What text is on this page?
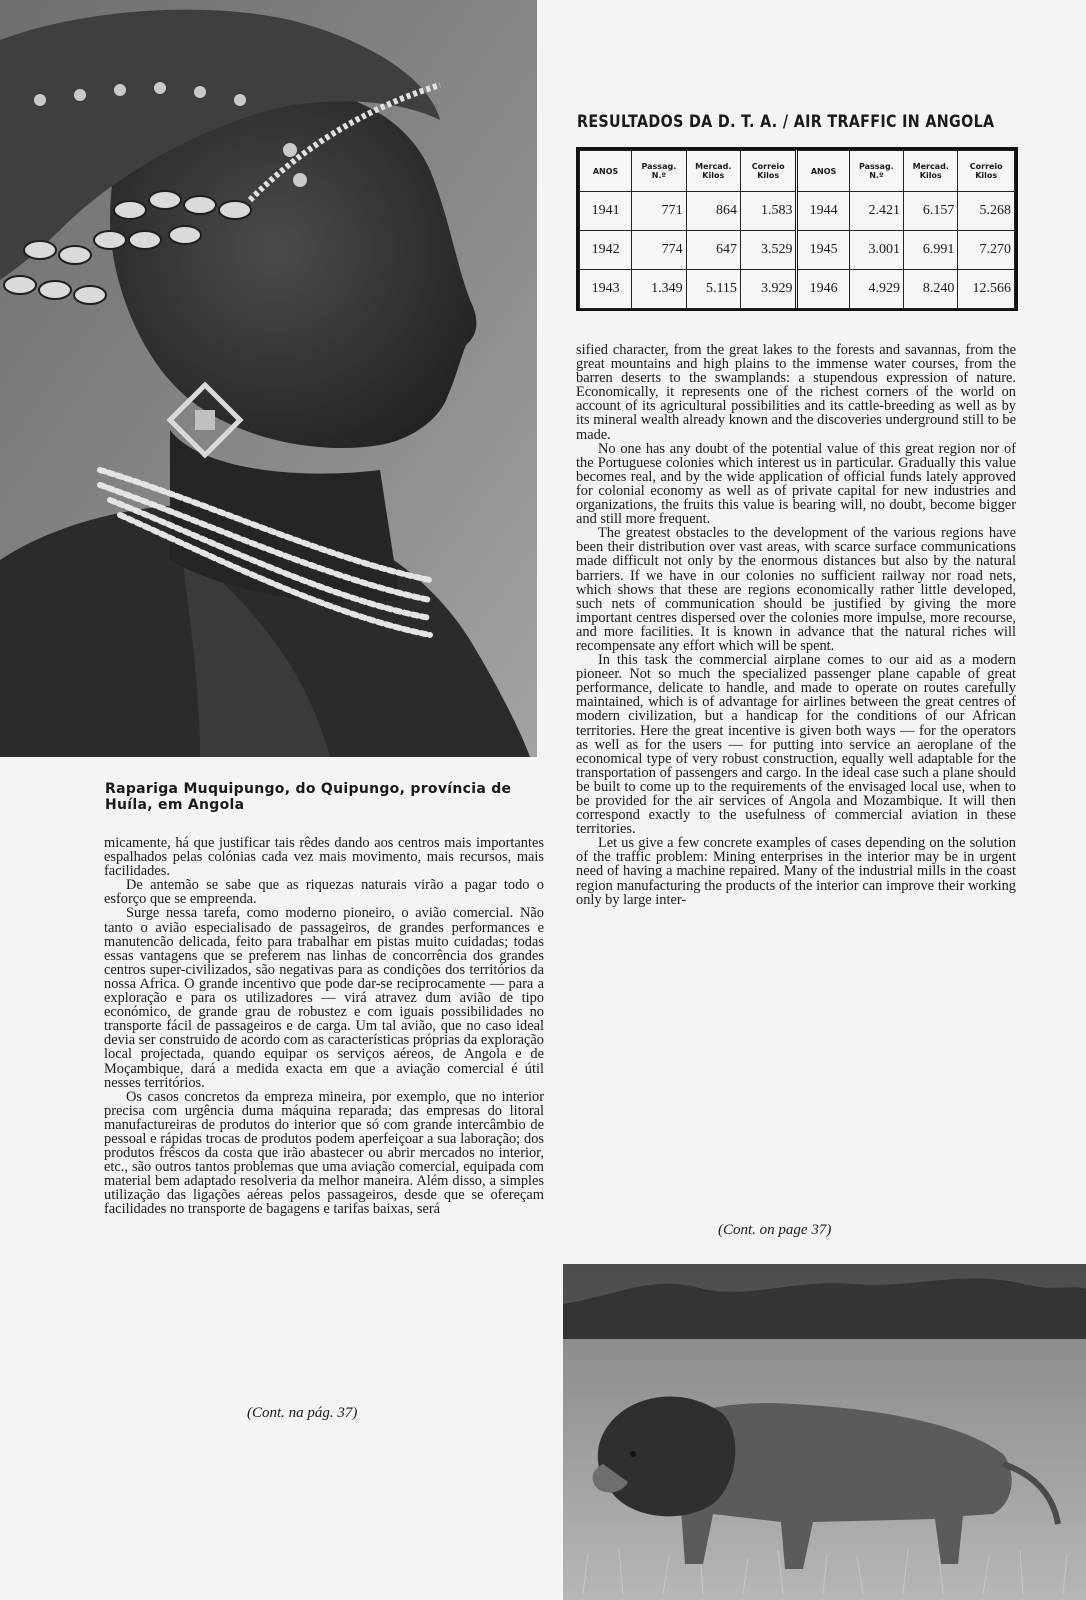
Rapariga Muquipungo, do Quipungo, província de Huíla, em Angola

micamente, há que justificar tais rêdes dando aos centros mais importantes espalhados pelas colónias cada vez mais movimento, mais recursos, mais facilidades.

De antemão se sabe que as riquezas naturais virão a pagar todo o esforço que se empreenda.

Surge nessa tarefa, como moderno pioneiro, o avião comercial. Não tanto o avião especialisado de passageiros, de grandes performances e manutencão delicada, feito para trabalhar em pistas muito cuidadas; todas essas vantagens que se preferem nas linhas de concorrência dos grandes centros super-civilizados, são negativas para as condições dos territórios da nossa Africa. O grande incentivo que pode dar-se reciprocamente — para a exploração e para os utilizadores — virá atravez dum avião de tipo económico, de grande grau de robustez e com iguais possibilidades no transporte fácil de passageiros e de carga. Um tal avião, que no caso ideal devia ser construido de acordo com as características próprias da exploração local projectada, quando equipar os serviços aéreos, de Angola e de Moçambique, dará a medida exacta em que a aviação comercial é útil nesses territórios.

Os casos concretos da empreza mineira, por exemplo, que no interior precisa com urgência duma máquina reparada; das empresas do litoral manufactureiras de produtos do interior que só com grande intercâmbio de pessoal e rápidas trocas de produtos podem aperfeiçoar a sua laboração; dos produtos frêscos da costa que irão abastecer ou abrir mercados no interior, etc., são outros tantos problemas que uma aviação comercial, equipada com material bem adaptado resolveria da melhor maneira. Além disso, a simples utilização das ligações aéreas pelos passageiros, desde que se ofereçam facilidades no transporte de bagagens e tarifas baixas, será

(Cont. na pág. 37)
RESULTADOS DA D. T. A. / AIR TRAFFIC IN ANGOLA
ANOS	Passag. N.º	Mercad. Kilos	Correio Kilos	ANOS	Passag. N.º	Mercad. Kilos	Correio Kilos
1941	771	864	1.583	1944	2.421	6.157	5.268
1942	774	647	3.529	1945	3.001	6.991	7.270
1943	1.349	5.115	3.929	1946	4.929	8.240	12.566

sified character, from the great lakes to the forests and savannas, from the great mountains and high plains to the immense water courses, from the barren deserts to the swamplands: a stupendous expression of nature. Economically, it represents one of the richest corners of the world on account of its agricultural possibilities and its cattle-breeding as well as by its mineral wealth already known and the discoveries underground still to be made.

No one has any doubt of the potential value of this great region nor of the Portuguese colonies which interest us in particular. Gradually this value becomes real, and by the wide application of official funds lately approved for colonial economy as well as of private capital for new industries and organizations, the fruits this value is bearing will, no doubt, become bigger and still more frequent.

The greatest obstacles to the development of the various regions have been their distribution over vast areas, with scarce surface communications made difficult not only by the enormous distances but also by the natural barriers. If we have in our colonies no sufficient railway nor road nets, which shows that these are regions economically rather little developed, such nets of communication should be justified by giving the more important centres dispersed over the colonies more impulse, more recourse, and more facilities. It is known in advance that the natural riches will recompensate any effort which will be spent.

In this task the commercial airplane comes to our aid as a modern pioneer. Not so much the specialized passenger plane capable of great performance, delicate to handle, and made to operate on routes carefully maintained, which is of advantage for airlines between the great centres of modern civilization, but a handicap for the conditions of our African territories. Here the great incentive is given both ways — for the operators as well as for the users — for putting into service an aeroplane of the economical type of very robust construction, equally well adaptable for the transportation of passengers and cargo. In the ideal case such a plane should be built to come up to the requirements of the envisaged local use, when to be provided for the air services of Angola and Mozambique. It will then correspond exactly to the usefulness of commercial aviation in these territories.

Let us give a few concrete examples of cases depending on the solution of the traffic problem: Mining enterprises in the interior may be in urgent need of having a machine repaired. Many of the industrial mills in the coast region manufacturing the products of the interior can improve their working only by large inter-

(Cont. on page 37)
